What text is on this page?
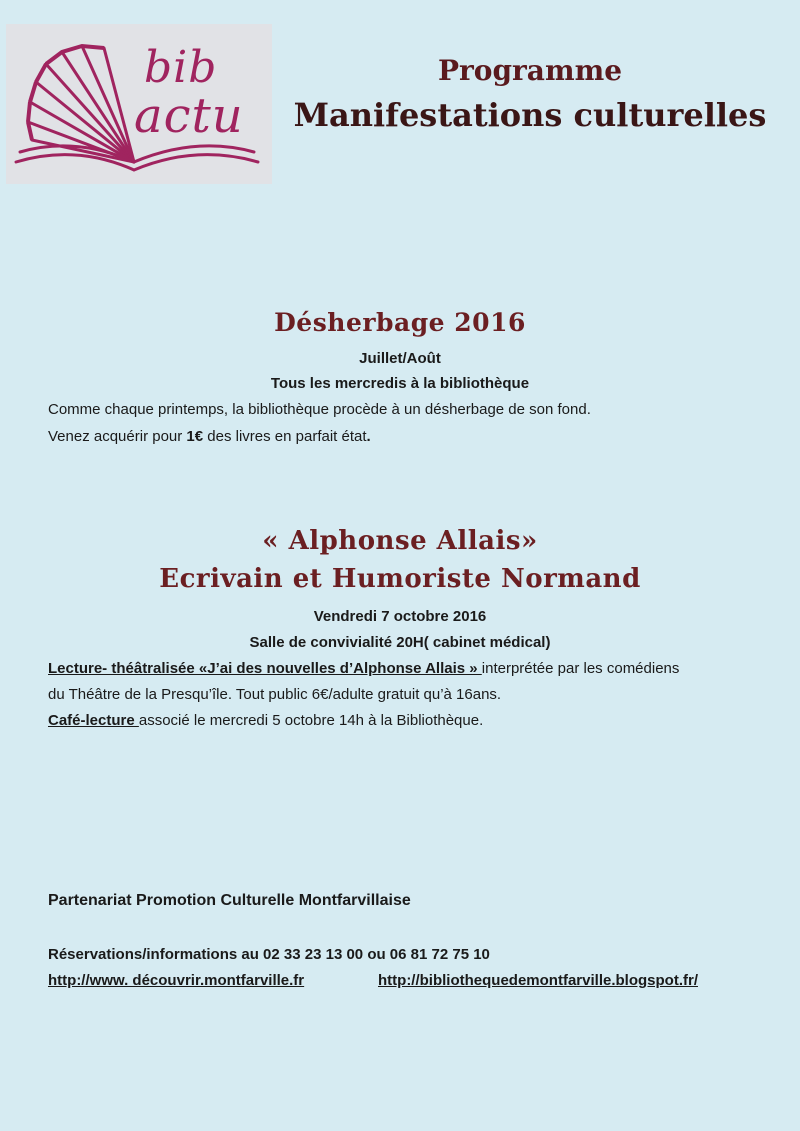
bib
actu
Programme
Manifestations culturelles
Désherbage 2016
Juillet/Août
Tous les mercredis à la bibliothèque
Comme chaque printemps, la bibliothèque procède à un désherbage de son fond.
Venez acquérir pour 1€ des livres en parfait état.
« Alphonse Allais»
Ecrivain et Humoriste Normand
Vendredi 7 octobre 2016
Salle de convivialité 20H( cabinet médical)
Lecture- théâtralisée «J’ai des nouvelles d’Alphonse Allais » interprétée par les comédiens
du Théâtre de la Presqu’île. Tout public 6€/adulte gratuit qu’à 16ans.
Café-lecture associé le mercredi 5 octobre 14h à la Bibliothèque.
Partenariat Promotion Culturelle Montfarvillaise
Réservations/informations au 02 33 23 13 00 ou 06 81 72 75 10
http://www. découvrir.montfarville.fr	http://bibliothequedemontfarville.blogspot.fr/
